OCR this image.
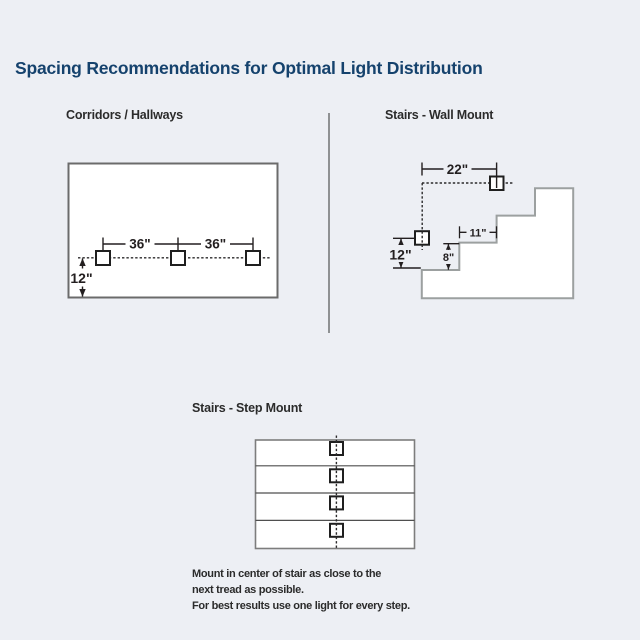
Spacing Recommendations for Optimal Light Distribution
Corridors / Hallways	Stairs - Wall Mount
Stairs - Step Mount
36"	36"
12"
22"
12"	8"
11"
Mount in center of stair as close to the
next tread as possible.
For best results use one light for every step.
